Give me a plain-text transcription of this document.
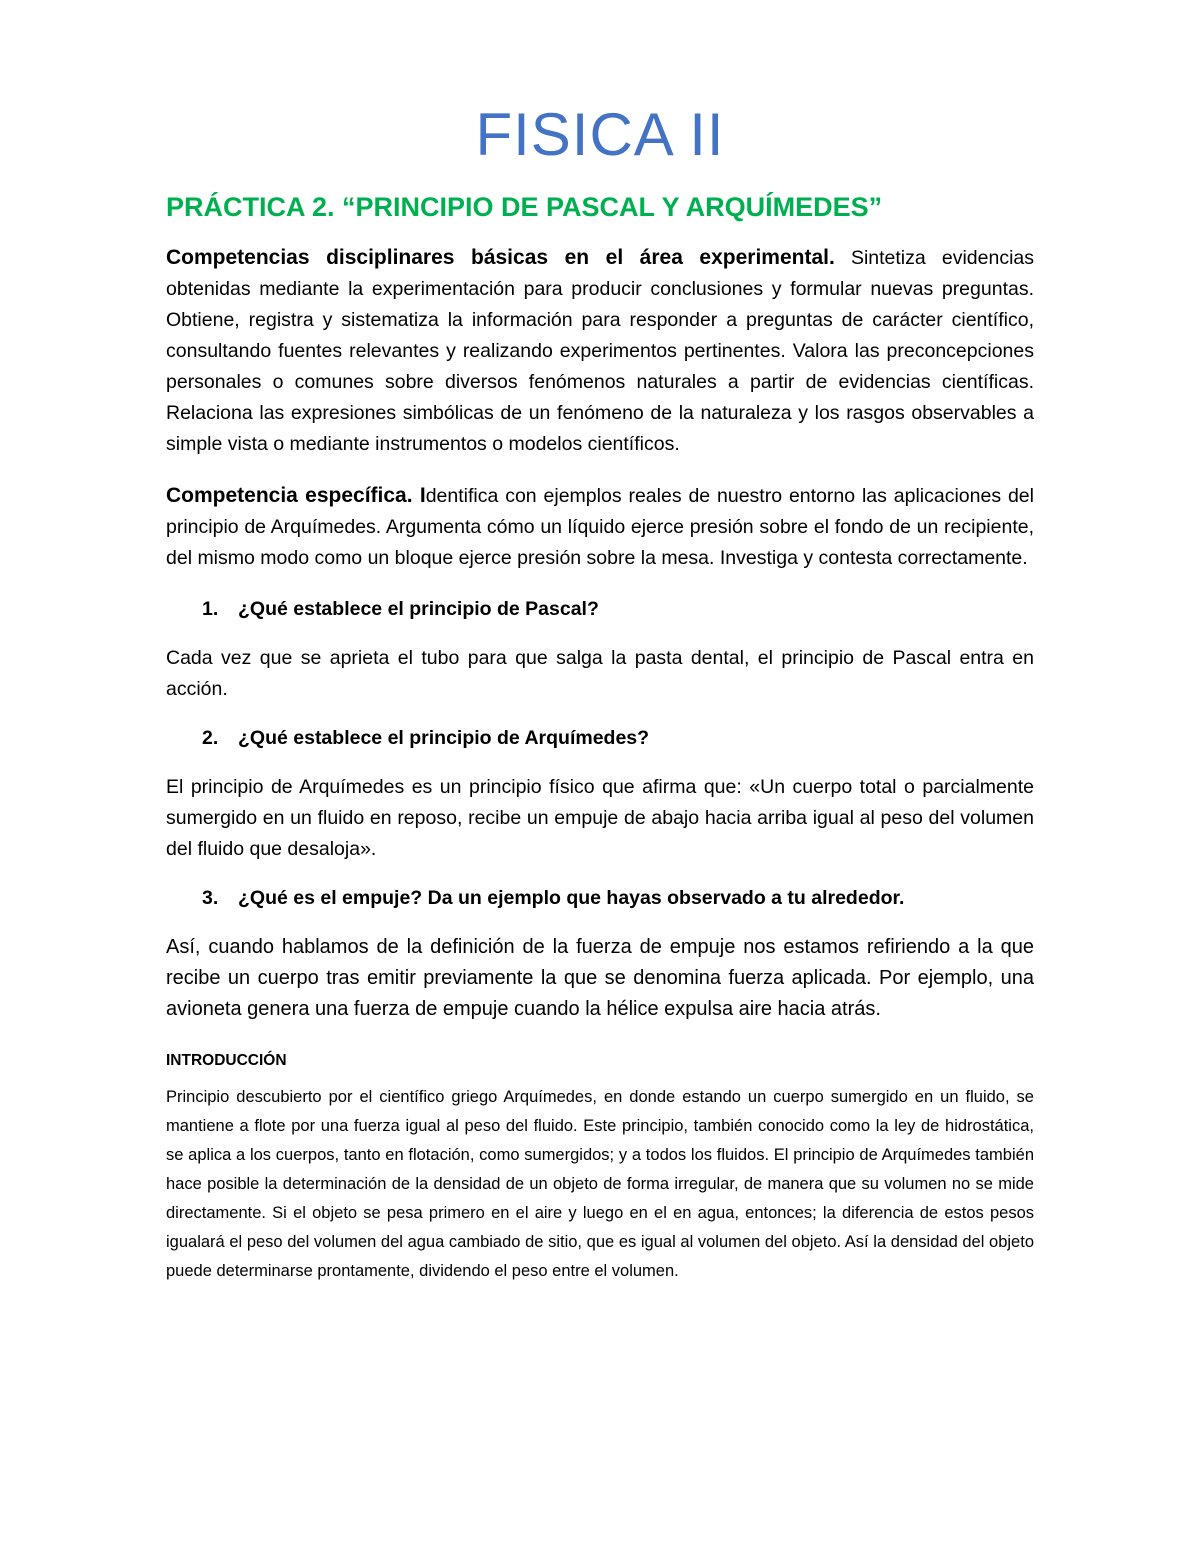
FISICA II
PRÁCTICA 2. “PRINCIPIO DE PASCAL Y ARQUÍMEDES”

Competencias disciplinares básicas en el área experimental. Sintetiza evidencias obtenidas mediante la experimentación para producir conclusiones y formular nuevas preguntas. Obtiene, registra y sistematiza la información para responder a preguntas de carácter científico, consultando fuentes relevantes y realizando experimentos pertinentes. Valora las preconcepciones personales o comunes sobre diversos fenómenos naturales a partir de evidencias científicas. Relaciona las expresiones simbólicas de un fenómeno de la naturaleza y los rasgos observables a simple vista o mediante instrumentos o modelos científicos.

Competencia específica. Identifica con ejemplos reales de nuestro entorno las aplicaciones del principio de Arquímedes. Argumenta cómo un líquido ejerce presión sobre el fondo de un recipiente, del mismo modo como un bloque ejerce presión sobre la mesa. Investiga y contesta correctamente.

1.	¿Qué establece el principio de Pascal?

Cada vez que se aprieta el tubo para que salga la pasta dental, el principio de Pascal entra en acción.

2.	¿Qué establece el principio de Arquímedes?

El principio de Arquímedes es un principio físico que afirma que: «Un cuerpo total o parcialmente sumergido en un fluido en reposo, recibe un empuje de abajo hacia arriba igual al peso del volumen del fluido que desaloja».

3.	¿Qué es el empuje? Da un ejemplo que hayas observado a tu alrededor.

Así, cuando hablamos de la definición de la fuerza de empuje nos estamos refiriendo a la que recibe un cuerpo tras emitir previamente la que se denomina fuerza aplicada. Por ejemplo, una avioneta genera una fuerza de empuje cuando la hélice expulsa aire hacia atrás.

INTRODUCCIÓN

Principio descubierto por el científico griego Arquímedes, en donde estando un cuerpo sumergido en un fluido, se mantiene a flote por una fuerza igual al peso del fluido. Este principio, también conocido como la ley de hidrostática, se aplica a los cuerpos, tanto en flotación, como sumergidos; y a todos los fluidos. El principio de Arquímedes también hace posible la determinación de la densidad de un objeto de forma irregular, de manera que su volumen no se mide directamente. Si el objeto se pesa primero en el aire y luego en el en agua, entonces; la diferencia de estos pesos igualará el peso del volumen del agua cambiado de sitio, que es igual al volumen del objeto. Así la densidad del objeto puede determinarse prontamente, dividendo el peso entre el volumen.
